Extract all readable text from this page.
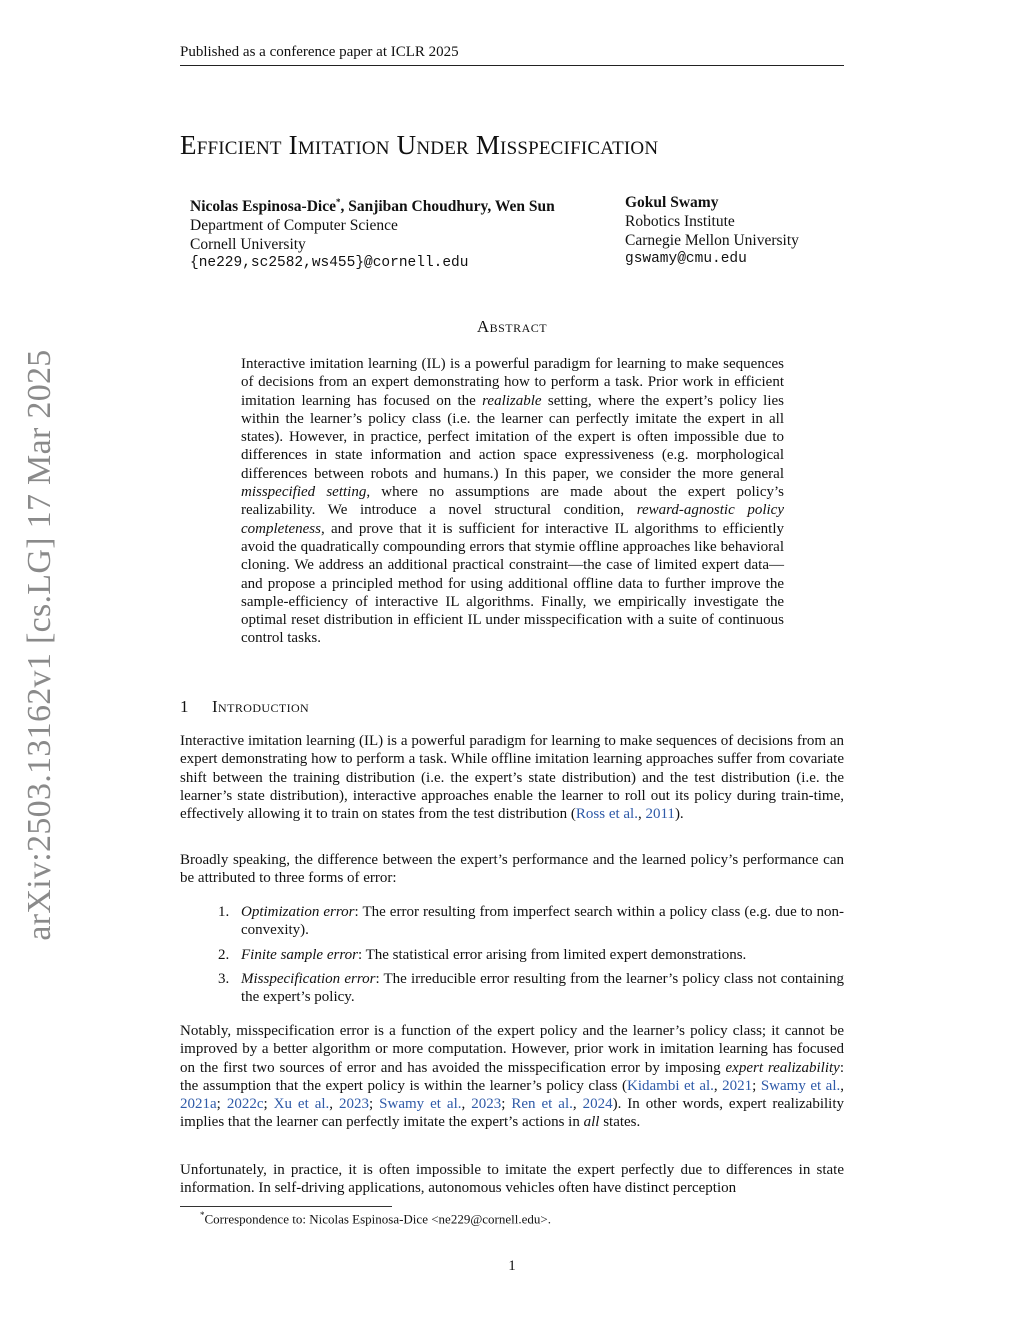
arXiv:2503.13162v1 [cs.LG] 17 Mar 2025
Published as a conference paper at ICLR 2025
Efficient Imitation Under Misspecification
Nicolas Espinosa-Dice*, Sanjiban Choudhury, Wen Sun
Department of Computer Science
Cornell University
{ne229,sc2582,ws455}@cornell.edu
Gokul Swamy
Robotics Institute
Carnegie Mellon University
gswamy@cmu.edu
Abstract
Interactive imitation learning (IL) is a powerful paradigm for learning to make sequences of decisions from an expert demonstrating how to perform a task. Prior work in efficient imitation learning has focused on the realizable setting, where the expert’s policy lies within the learner’s policy class (i.e. the learner can perfectly imitate the expert in all states). However, in practice, perfect imitation of the expert is often impossible due to differences in state information and action space expressiveness (e.g. morphological differences between robots and humans.) In this paper, we consider the more general misspecified setting, where no assumptions are made about the expert policy’s realizability. We introduce a novel structural condition, reward-agnostic policy completeness, and prove that it is sufficient for interactive IL algorithms to efficiently avoid the quadratically compounding errors that stymie offline approaches like behavioral cloning. We address an additional practical constraint—the case of limited expert data—and propose a principled method for using additional offline data to further improve the sample-efficiency of interactive IL algorithms. Finally, we empirically investigate the optimal reset distribution in efficient IL under misspecification with a suite of continuous control tasks.
1 Introduction

Interactive imitation learning (IL) is a powerful paradigm for learning to make sequences of decisions from an expert demonstrating how to perform a task. While offline imitation learning approaches suffer from covariate shift between the training distribution (i.e. the expert’s state distribution) and the test distribution (i.e. the learner’s state distribution), interactive approaches enable the learner to roll out its policy during train-time, effectively allowing it to train on states from the test distribution (Ross et al., 2011).

Broadly speaking, the difference between the expert’s performance and the learned policy’s performance can be attributed to three forms of error:
1. Optimization error: The error resulting from imperfect search within a policy class (e.g. due to non-convexity).
2. Finite sample error: The statistical error arising from limited expert demonstrations.
3. Misspecification error: The irreducible error resulting from the learner’s policy class not containing the expert’s policy.

Notably, misspecification error is a function of the expert policy and the learner’s policy class; it cannot be improved by a better algorithm or more computation. However, prior work in imitation learning has focused on the first two sources of error and has avoided the misspecification error by imposing expert realizability: the assumption that the expert policy is within the learner’s policy class (Kidambi et al., 2021; Swamy et al., 2021a; 2022c; Xu et al., 2023; Swamy et al., 2023; Ren et al., 2024). In other words, expert realizability implies that the learner can perfectly imitate the expert’s actions in all states.

Unfortunately, in practice, it is often impossible to imitate the expert perfectly due to differences in state information. In self-driving applications, autonomous vehicles often have distinct perception
*Correspondence to: Nicolas Espinosa-Dice <ne229@cornell.edu>.
1
